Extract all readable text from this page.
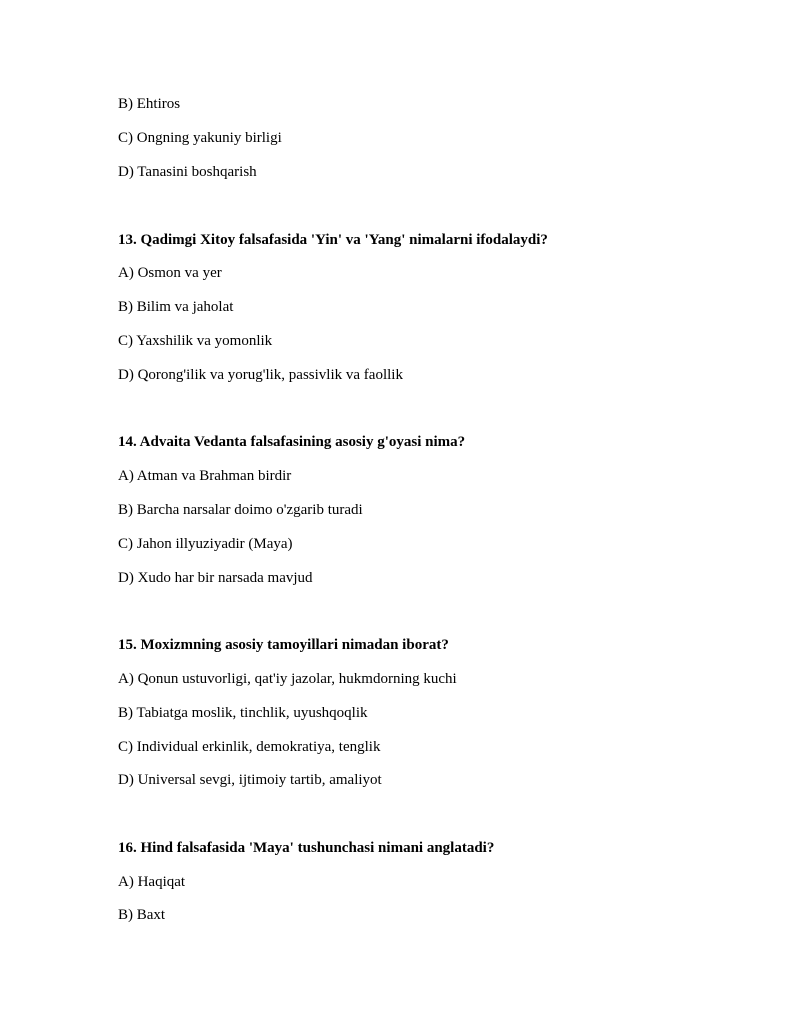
B) Ehtiros
C) Ongning yakuniy birligi
D) Tanasini boshqarish
13. Qadimgi Xitoy falsafasida 'Yin' va 'Yang' nimalarni ifodalaydi?
A) Osmon va yer
B) Bilim va jaholat
C) Yaxshilik va yomonlik
D) Qorong'ilik va yorug'lik, passivlik va faollik
14. Advaita Vedanta falsafasining asosiy g'oyasi nima?
A) Atman va Brahman birdir
B) Barcha narsalar doimo o'zgarib turadi
C) Jahon illyuziyadir (Maya)
D) Xudo har bir narsada mavjud
15. Moxizmning asosiy tamoyillari nimadan iborat?
A) Qonun ustuvorligi, qat'iy jazolar, hukmdorning kuchi
B) Tabiatga moslik, tinchlik, uyushqoqlik
C) Individual erkinlik, demokratiya, tenglik
D) Universal sevgi, ijtimoiy tartib, amaliyot
16. Hind falsafasida 'Maya' tushunchasi nimani anglatadi?
A) Haqiqat
B) Baxt
